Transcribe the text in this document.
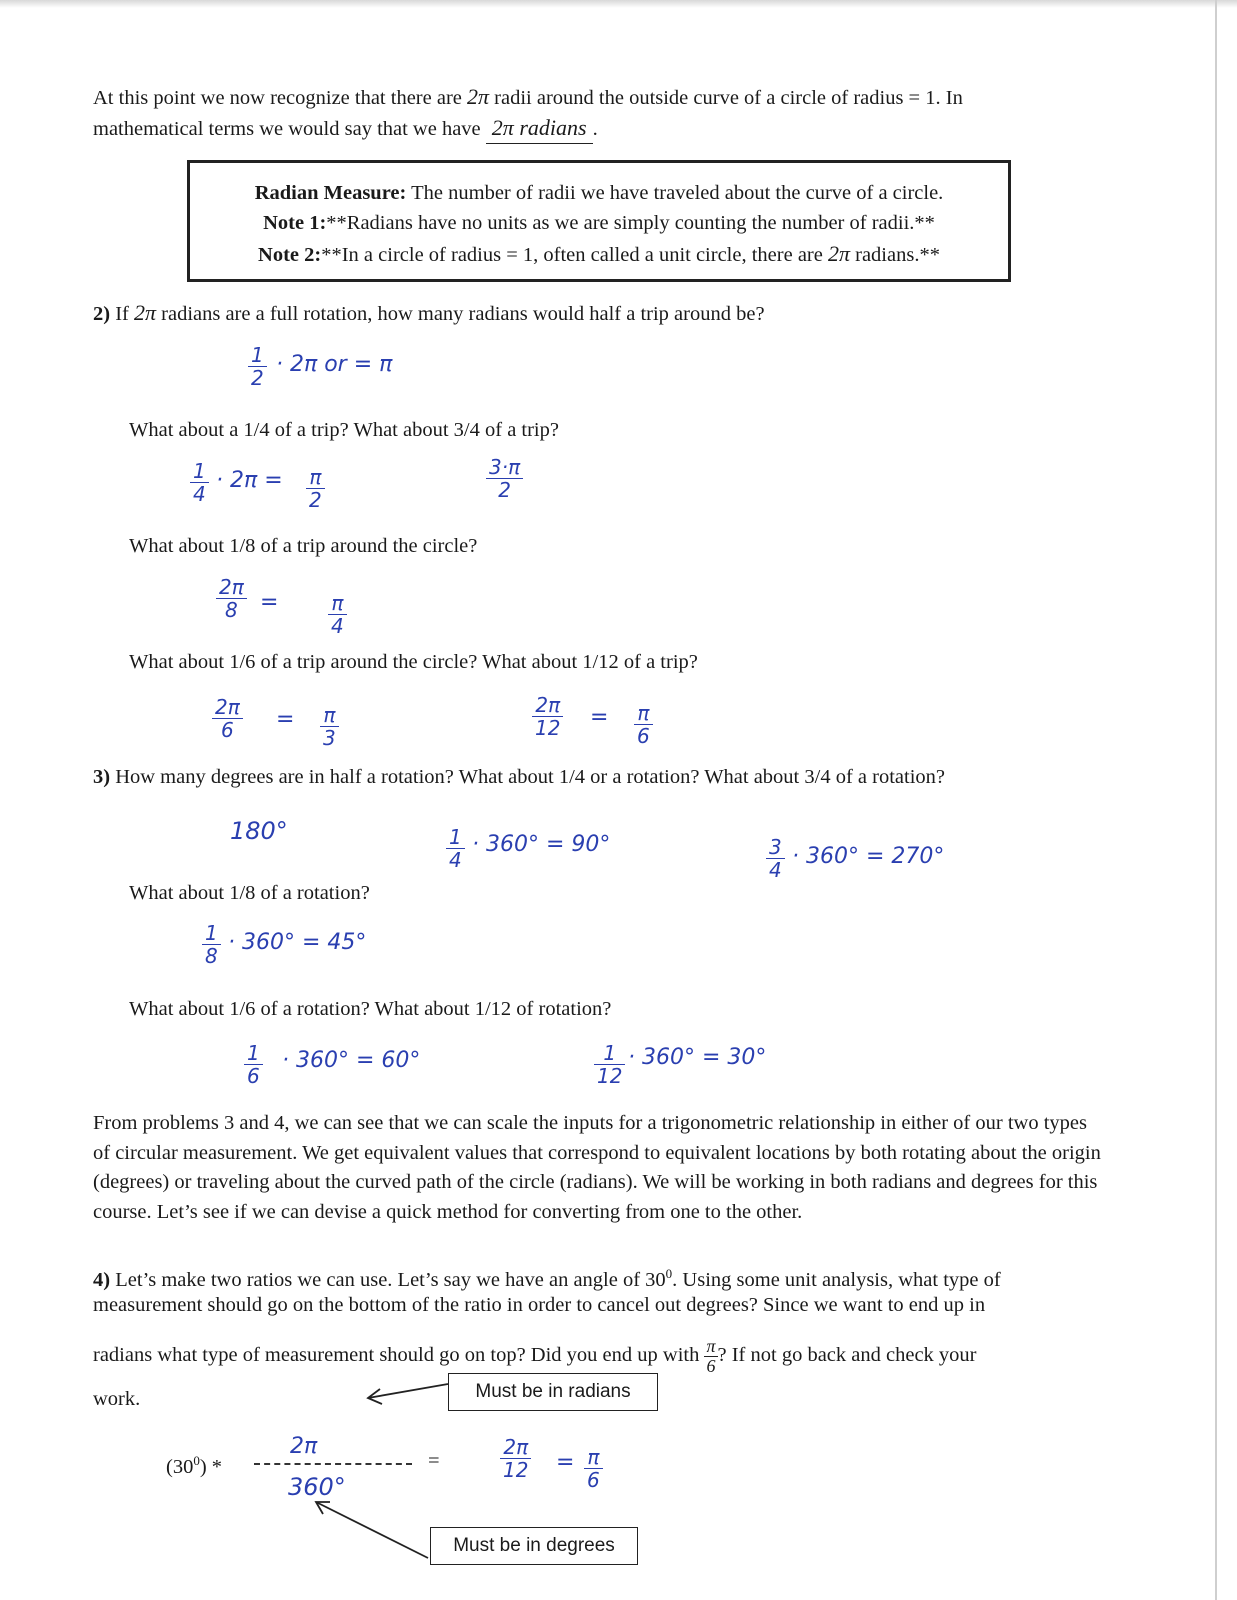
At this point we now recognize that there are 2π radii around the outside curve of a circle of radius = 1. In
mathematical terms we would say that we have 2π radians .
Radian Measure: The number of radii we have traveled about the curve of a circle.
Note 1:**Radians have no units as we are simply counting the number of radii.**
Note 2:**In a circle of radius = 1, often called a unit circle, there are 2π radians.**
2) If 2π radians are a full rotation, how many radians would half a trip around be?
$\frac{1}{2} \cdot 2\pi$ or = π
What about a 1/4 of a trip? What about 3/4 of a trip?
$\frac{1}{4} \cdot 2\pi = \frac{\pi}{2}$	$\frac{3\cdot\pi}{2}$
What about 1/8 of a trip around the circle?
$\frac{2\pi}{8} = \frac{\pi}{4}$
What about 1/6 of a trip around the circle? What about 1/12 of a trip?
$\frac{2\pi}{6} = \frac{\pi}{3}$	$\frac{2\pi}{12} = \frac{\pi}{6}$
3) How many degrees are in half a rotation? What about 1/4 or a rotation? What about 3/4 of a rotation?
180°	$\frac{1}{4} \cdot 360^\circ = 90^\circ$	$\frac{3}{4} \cdot 360^\circ = 270^\circ$
What about 1/8 of a rotation?
$\frac{1}{8} \cdot 360^\circ = 45^\circ$
What about 1/6 of a rotation? What about 1/12 of rotation?
$\frac{1}{6} \cdot 360^\circ = 60^\circ$	$\frac{1}{12} \cdot 360^\circ = 30^\circ$
From problems 3 and 4, we can see that we can scale the inputs for a trigonometric relationship in either of our two types of circular measurement. We get equivalent values that correspond to equivalent locations by both rotating about the origin (degrees) or traveling about the curved path of the circle (radians). We will be working in both radians and degrees for this course. Let’s see if we can devise a quick method for converting from one to the other.
4) Let’s make two ratios we can use. Let’s say we have an angle of $30^0$. Using some unit analysis, what type of
measurement should go on the bottom of the ratio in order to cancel out degrees? Since we want to end up in
radians what type of measurement should go on top? Did you end up with $\frac{\pi}{6}$? If not go back and check your
work.	Must be in radians
Must be in degrees
$(30^0)$ *	=
2π
360°
$\frac{2\pi}{12} = \frac{\pi}{6}$
